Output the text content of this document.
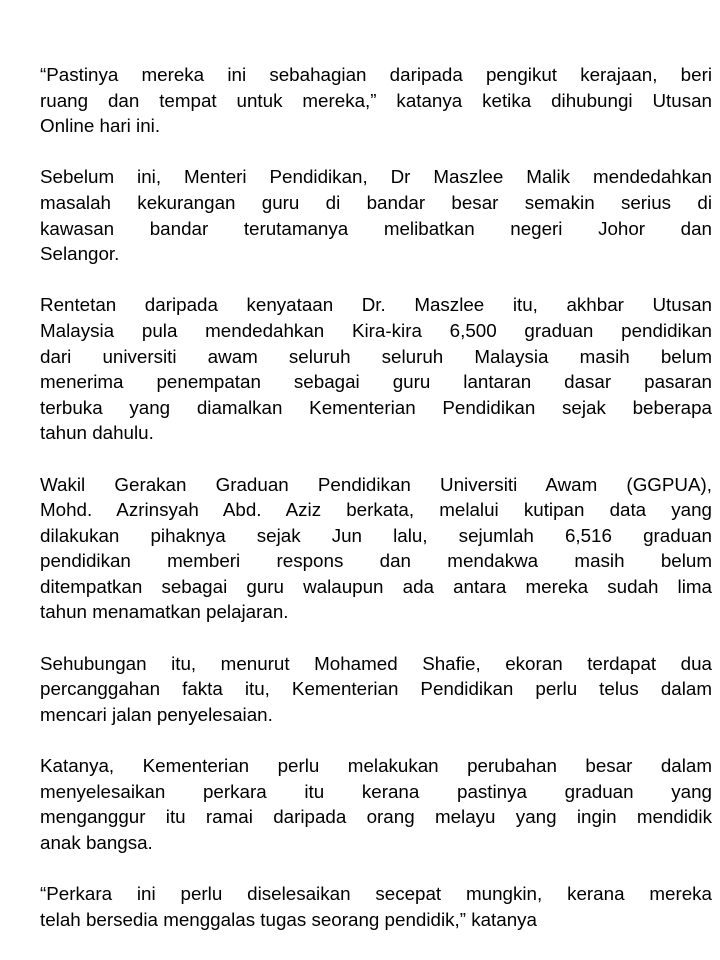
“Pastinya mereka ini sebahagian daripada pengikut kerajaan, beri
ruang dan tempat untuk mereka,” katanya ketika dihubungi Utusan
Online hari ini.

Sebelum ini, Menteri Pendidikan, Dr Maszlee Malik mendedahkan
masalah kekurangan guru di bandar besar semakin serius di
kawasan bandar terutamanya melibatkan negeri Johor dan
Selangor.

Rentetan daripada kenyataan Dr. Maszlee itu, akhbar Utusan
Malaysia pula mendedahkan Kira-kira 6,500 graduan pendidikan
dari universiti awam seluruh seluruh Malaysia masih belum
menerima penempatan sebagai guru lantaran dasar pasaran
terbuka yang diamalkan Kementerian Pendidikan sejak beberapa
tahun dahulu.

Wakil Gerakan Graduan Pendidikan Universiti Awam (GGPUA),
Mohd. Azrinsyah Abd. Aziz berkata, melalui kutipan data yang
dilakukan pihaknya sejak Jun lalu, sejumlah 6,516 graduan
pendidikan memberi respons dan mendakwa masih belum
ditempatkan sebagai guru walaupun ada antara mereka sudah lima
tahun menamatkan pelajaran.

Sehubungan itu, menurut Mohamed Shafie, ekoran terdapat dua
percanggahan fakta itu, Kementerian Pendidikan perlu telus dalam
mencari jalan penyelesaian.

Katanya, Kementerian perlu melakukan perubahan besar dalam
menyelesaikan perkara itu kerana pastinya graduan yang
menganggur itu ramai daripada orang melayu yang ingin mendidik
anak bangsa.

“Perkara ini perlu diselesaikan secepat mungkin, kerana mereka
telah bersedia menggalas tugas seorang pendidik,” katanya
